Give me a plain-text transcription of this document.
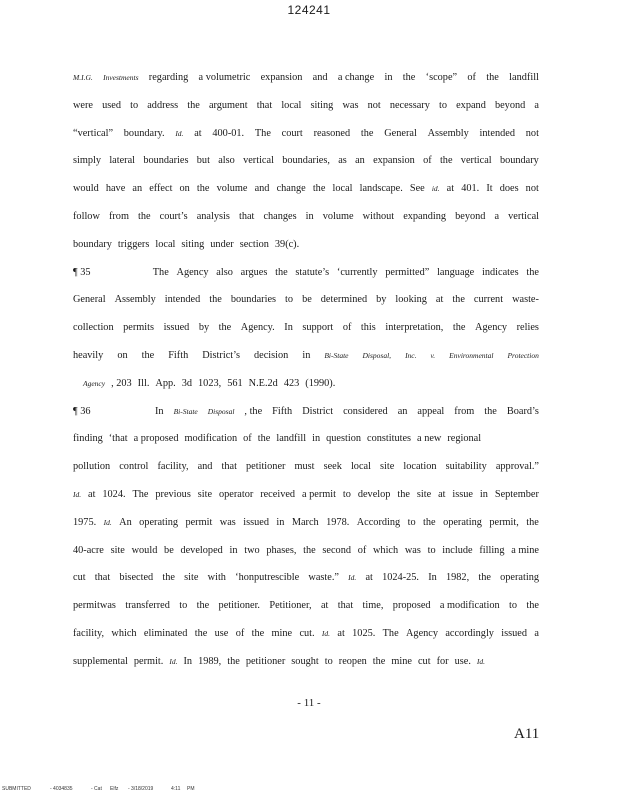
124241
M.I.G. Investments regarding a volumetric expansion and a change in the ‘scope” of the landfill
were used to address the argument that local siting was not necessary to expand beyond a
“vertical” boundary. Id. at 400-01. The court reasoned the General Assembly intended not
simply lateral boundaries but also vertical boundaries, as an expansion of the vertical boundary
would have an effect on the volume and change the local landscape. See id. at 401. It does not
follow from the court’s analysis that changes in volume without expanding beyond a vertical
boundary triggers local siting under section 39(c).
¶ 35	The Agency also argues the statute’s ‘currently permitted” language indicates the
General Assembly intended the boundaries to be determined by looking at the current waste-
collection permits issued by the Agency. In support of this interpretation, the Agency relies
heavily on the Fifth District’s decision in Bi-State Disposal, Inc. v. Environmental Protection
Agency , 203 Ill. App. 3d 1023, 561 N.E.2d 423 (1990).
¶ 36	In Bi-State Disposal , the Fifth District considered an appeal from the Board’s
finding ‘that a proposed modification of the landfill in question constitutes a new regional
pollution control facility, and that petitioner must seek local site location suitability approval.”
Id. at 1024. The previous site operator received a permit to develop the site at issue in September
1975. Id. An operating permit was issued in March 1978. According to the operating permit, the
40-acre site would be developed in two phases, the second of which was to include filling a mine
cut that bisected the site with ‘honputrescible waste.” Id. at 1024-25. In 1982, the operating
permitwas transferred to the petitioner. Petitioner, at that time, proposed a modification to the
facility, which eliminated the use of the mine cut. Id. at 1025. The Agency accordingly issued a
supplemental permit. Id. In 1989, the petitioner sought to reopen the mine cut for use. Id.
- 11 -
A11
SUBMITTED	- 4034835	- Cat Elfz - 3/18/2019	4:11 PM
